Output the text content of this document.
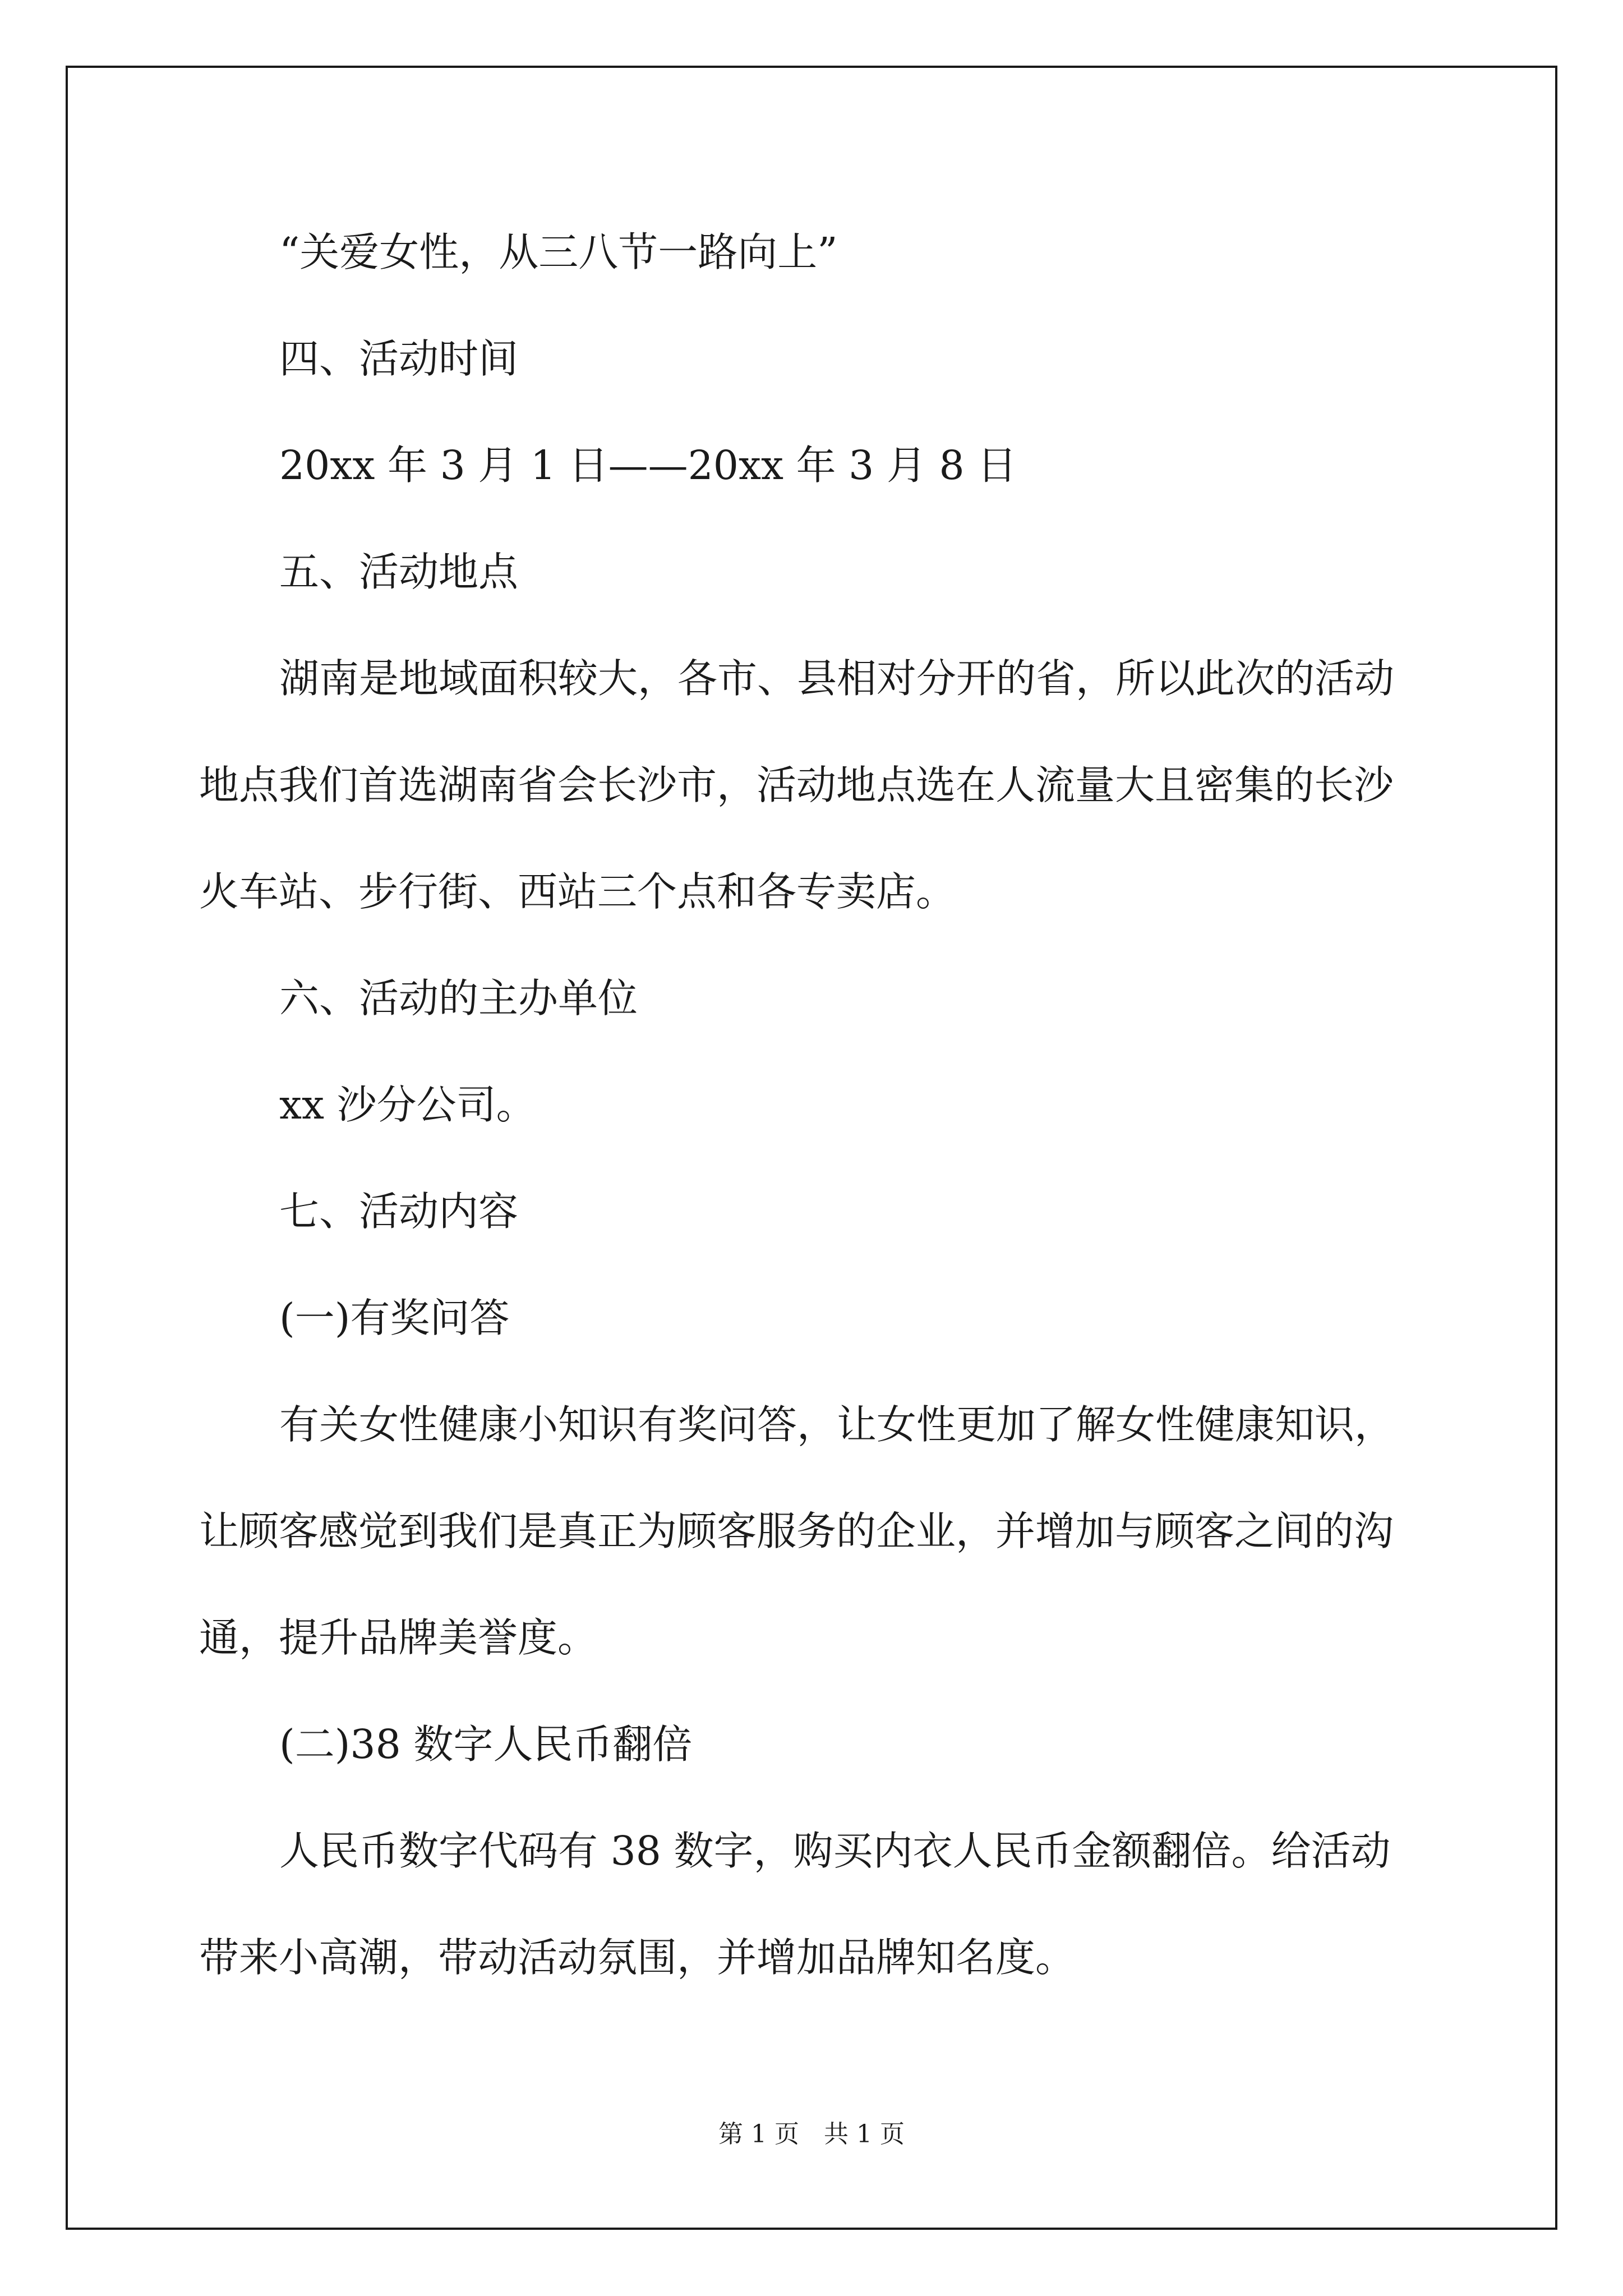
“关爱女性，从三八节一路向上”

四、活动时间

20xx 年 3 月 1 日——20xx 年 3 月 8 日

五、活动地点

湖南是地域面积较大，各市、县相对分开的省，所以此次的活动地点我们首选湖南省会长沙市，活动地点选在人流量大且密集的长沙火车站、步行街、西站三个点和各专卖店。

六、活动的主办单位

xx 沙分公司。

七、活动内容

(一)有奖问答

有关女性健康小知识有奖问答，让女性更加了解女性健康知识，让顾客感觉到我们是真正为顾客服务的企业，并增加与顾客之间的沟通，提升品牌美誉度。

(二)38 数字人民币翻倍

人民币数字代码有 38 数字，购买内衣人民币金额翻倍。给活动带来小高潮，带动活动氛围，并增加品牌知名度。

第 1 页　共 1 页
